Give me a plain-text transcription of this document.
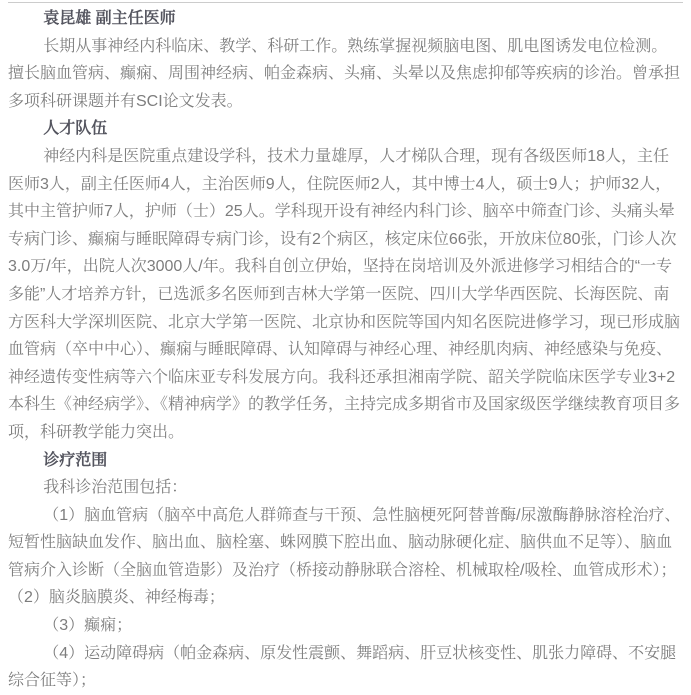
袁昆雄 副主任医师

长期从事神经内科临床、教学、科研工作。熟练掌握视频脑电图、肌电图诱发电位检测。擅长脑血管病、癫痫、周围神经病、帕金森病、头痛、头晕以及焦虑抑郁等疾病的诊治。曾承担多项科研课题并有SCI论文发表。

人才队伍

神经内科是医院重点建设学科，技术力量雄厚，人才梯队合理，现有各级医师18人，主任医师3人，副主任医师4人，主治医师9人，住院医师2人，其中博士4人，硕士9人；护师32人，其中主管护师7人，护师（士）25人。学科现开设有神经内科门诊、脑卒中筛查门诊、头痛头晕专病门诊、癫痫与睡眠障碍专病门诊，设有2个病区，核定床位66张，开放床位80张，门诊人次3.0万/年，出院人次3000人/年。我科自创立伊始，坚持在岗培训及外派进修学习相结合的“一专多能”人才培养方针，已选派多名医师到吉林大学第一医院、四川大学华西医院、长海医院、南方医科大学深圳医院、北京大学第一医院、北京协和医院等国内知名医院进修学习，现已形成脑血管病（卒中中心）、癫痫与睡眠障碍、认知障碍与神经心理、神经肌肉病、神经感染与免疫、神经遗传变性病等六个临床亚专科发展方向。我科还承担湘南学院、韶关学院临床医学专业3+2本科生《神经病学》、《精神病学》的教学任务，主持完成多期省市及国家级医学继续教育项目多项，科研教学能力突出。

诊疗范围

我科诊治范围包括：

（1）脑血管病（脑卒中高危人群筛查与干预、急性脑梗死阿替普酶/尿激酶静脉溶栓治疗、短暂性脑缺血发作、脑出血、脑栓塞、蛛网膜下腔出血、脑动脉硬化症、脑供血不足等）、脑血管病介入诊断（全脑血管造影）及治疗（桥接动静脉联合溶栓、机械取栓/吸栓、血管成形术）；（2）脑炎脑膜炎、神经梅毒；

（3）癫痫；

（4）运动障碍病（帕金森病、原发性震颤、舞蹈病、肝豆状核变性、肌张力障碍、不安腿综合征等）；
